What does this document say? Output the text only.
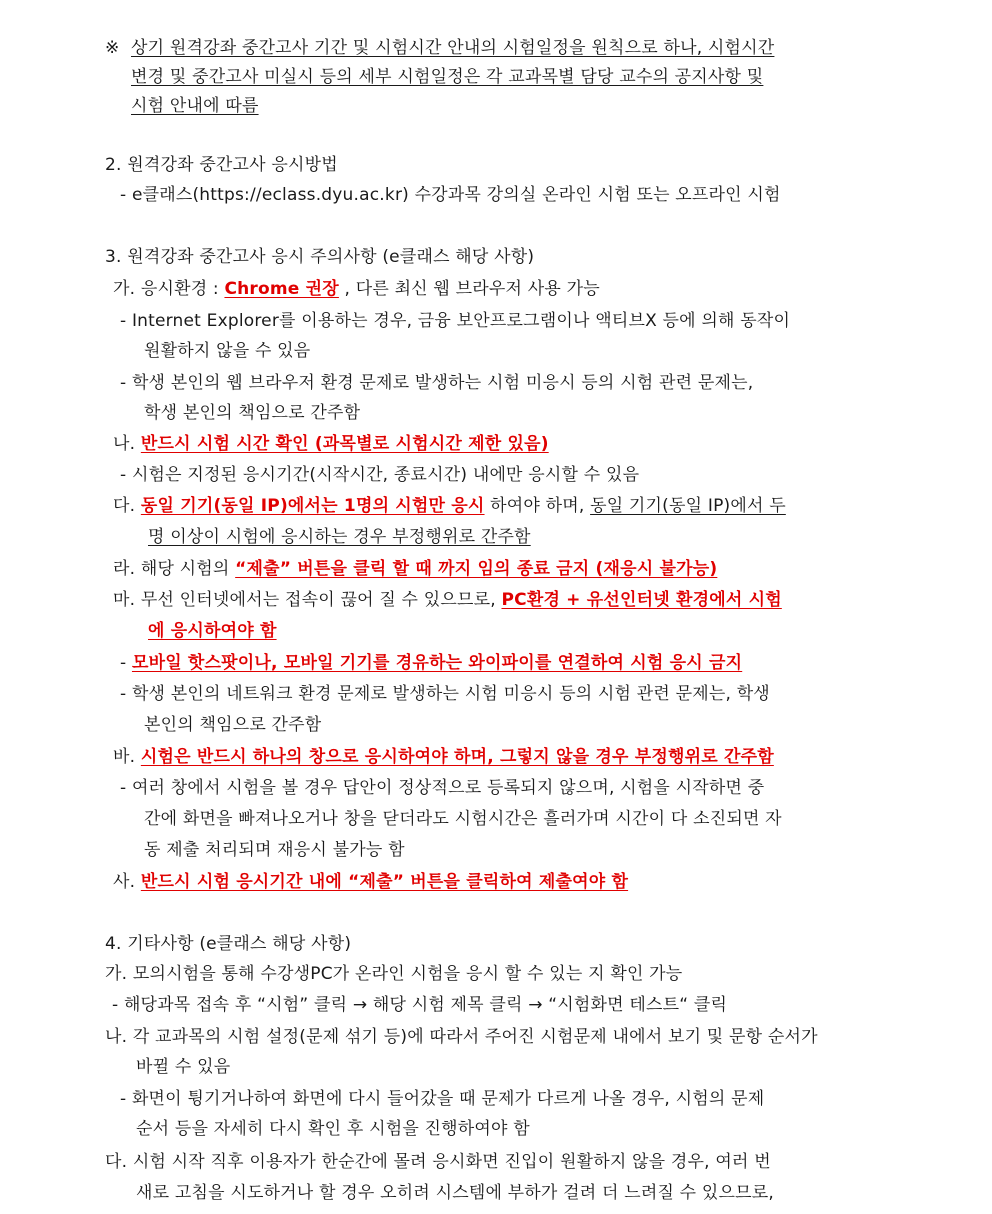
※ 상기 원격강좌 중간고사 기간 및 시험시간 안내의 시험일정을 원칙으로 하나, 시험시간
변경 및 중간고사 미실시 등의 세부 시험일정은 각 교과목별 담당 교수의 공지사항 및
시험 안내에 따름
2. 원격강좌 중간고사 응시방법
- e클래스(https://eclass.dyu.ac.kr) 수강과목 강의실 온라인 시험 또는 오프라인 시험
3. 원격강좌 중간고사 응시 주의사항 (e클래스 해당 사항)
가. 응시환경 : Chrome 권장 , 다른 최신 웹 브라우저 사용 가능
- Internet Explorer를 이용하는 경우, 금융 보안프로그램이나 액티브X 등에 의해 동작이
원활하지 않을 수 있음
- 학생 본인의 웹 브라우저 환경 문제로 발생하는 시험 미응시 등의 시험 관련 문제는,
학생 본인의 책임으로 간주함
나. 반드시 시험 시간 확인 (과목별로 시험시간 제한 있음)
- 시험은 지정된 응시기간(시작시간, 종료시간) 내에만 응시할 수 있음
다. 동일 기기(동일 IP)에서는 1명의 시험만 응시 하여야 하며, 동일 기기(동일 IP)에서 두
명 이상이 시험에 응시하는 경우 부정행위로 간주함
라. 해당 시험의 “제출” 버튼을 클릭 할 때 까지 임의 종료 금지 (재응시 불가능)
마. 무선 인터넷에서는 접속이 끊어 질 수 있으므로, PC환경 + 유선인터넷 환경에서 시험
에 응시하여야 함
- 모바일 핫스팟이나, 모바일 기기를 경유하는 와이파이를 연결하여 시험 응시 금지
- 학생 본인의 네트워크 환경 문제로 발생하는 시험 미응시 등의 시험 관련 문제는, 학생
본인의 책임으로 간주함
바. 시험은 반드시 하나의 창으로 응시하여야 하며, 그렇지 않을 경우 부정행위로 간주함
- 여러 창에서 시험을 볼 경우 답안이 정상적으로 등록되지 않으며, 시험을 시작하면 중
간에 화면을 빠져나오거나 창을 닫더라도 시험시간은 흘러가며 시간이 다 소진되면 자
동 제출 처리되며 재응시 불가능 함
사. 반드시 시험 응시기간 내에 “제출” 버튼을 클릭하여 제출여야 함
4. 기타사항 (e클래스 해당 사항)
가. 모의시험을 통해 수강생PC가 온라인 시험을 응시 할 수 있는 지 확인 가능
- 해당과목 접속 후 “시험” 클릭 → 해당 시험 제목 클릭 → “시험화면 테스트“ 클릭
나. 각 교과목의 시험 설정(문제 섞기 등)에 따라서 주어진 시험문제 내에서 보기 및 문항 순서가
바뀔 수 있음
- 화면이 튕기거나하여 화면에 다시 들어갔을 때 문제가 다르게 나올 경우, 시험의 문제
순서 등을 자세히 다시 확인 후 시험을 진행하여야 함
다. 시험 시작 직후 이용자가 한순간에 몰려 응시화면 진입이 원활하지 않을 경우, 여러 번
새로 고침을 시도하거나 할 경우 오히려 시스템에 부하가 걸려 더 느려질 수 있으므로,
